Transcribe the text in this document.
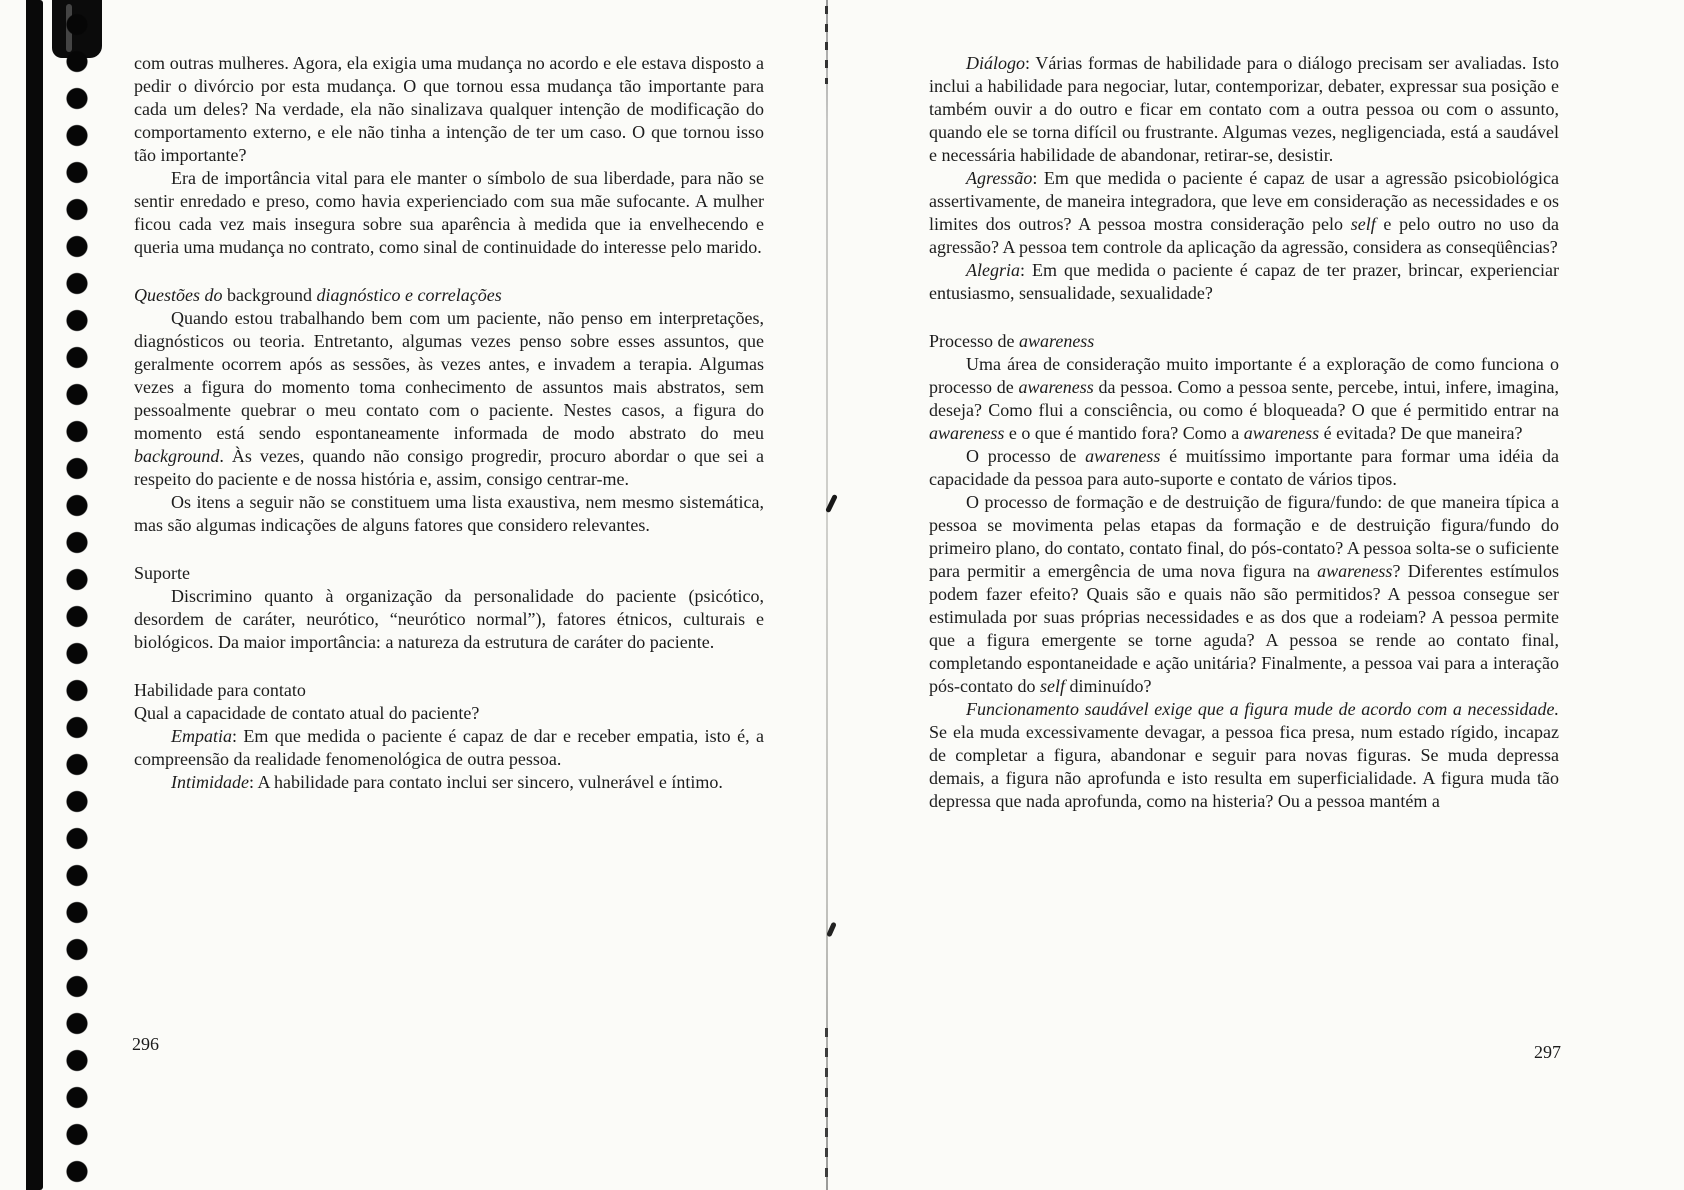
com outras mulheres. Agora, ela exigia uma mudança no acordo e ele estava disposto a pedir o divórcio por esta mudança. O que tornou essa mudança tão importante para cada um deles? Na verdade, ela não sinalizava qualquer intenção de modificação do comportamento externo, e ele não tinha a intenção de ter um caso. O que tornou isso tão importante?

Era de importância vital para ele manter o símbolo de sua liberdade, para não se sentir enredado e preso, como havia experienciado com sua mãe sufocante. A mulher ficou cada vez mais insegura sobre sua aparência à medida que ia envelhecendo e queria uma mudança no contrato, como sinal de continuidade do interesse pelo marido.

Questões do background diagnóstico e correlações

Quando estou trabalhando bem com um paciente, não penso em interpretações, diagnósticos ou teoria. Entretanto, algumas vezes penso sobre esses assuntos, que geralmente ocorrem após as sessões, às vezes antes, e invadem a terapia. Algumas vezes a figura do momento toma conhecimento de assuntos mais abstratos, sem pessoalmente quebrar o meu contato com o paciente. Nestes casos, a figura do momento está sendo espontaneamente informada de modo abstrato do meu background. Às vezes, quando não consigo progredir, procuro abordar o que sei a respeito do paciente e de nossa história e, assim, consigo centrar-me.

Os itens a seguir não se constituem uma lista exaustiva, nem mesmo sistemática, mas são algumas indicações de alguns fatores que considero relevantes.

Suporte

Discrimino quanto à organização da personalidade do paciente (psicótico, desordem de caráter, neurótico, “neurótico normal”), fatores étnicos, culturais e biológicos. Da maior importância: a natureza da estrutura de caráter do paciente.

Habilidade para contato

Qual a capacidade de contato atual do paciente?

Empatia: Em que medida o paciente é capaz de dar e receber empatia, isto é, a compreensão da realidade fenomenológica de outra pessoa.

Intimidade: A habilidade para contato inclui ser sincero, vulnerável e íntimo.

296

Diálogo: Várias formas de habilidade para o diálogo precisam ser avaliadas. Isto inclui a habilidade para negociar, lutar, contemporizar, debater, expressar sua posição e também ouvir a do outro e ficar em contato com a outra pessoa ou com o assunto, quando ele se torna difícil ou frustrante. Algumas vezes, negligenciada, está a saudável e necessária habilidade de abandonar, retirar-se, desistir.

Agressão: Em que medida o paciente é capaz de usar a agressão psicobiológica assertivamente, de maneira integradora, que leve em consideração as necessidades e os limites dos outros? A pessoa mostra consideração pelo self e pelo outro no uso da agressão? A pessoa tem controle da aplicação da agressão, considera as conseqüências?

Alegria: Em que medida o paciente é capaz de ter prazer, brincar, experienciar entusiasmo, sensualidade, sexualidade?

Processo de awareness

Uma área de consideração muito importante é a exploração de como funciona o processo de awareness da pessoa. Como a pessoa sente, percebe, intui, infere, imagina, deseja? Como flui a consciência, ou como é bloqueada? O que é permitido entrar na awareness e o que é mantido fora? Como a awareness é evitada? De que maneira?

O processo de awareness é muitíssimo importante para formar uma idéia da capacidade da pessoa para auto-suporte e contato de vários tipos.

O processo de formação e de destruição de figura/fundo: de que maneira típica a pessoa se movimenta pelas etapas da formação e de destruição figura/fundo do primeiro plano, do contato, contato final, do pós-contato? A pessoa solta-se o suficiente para permitir a emergência de uma nova figura na awareness? Diferentes estímulos podem fazer efeito? Quais são e quais não são permitidos? A pessoa consegue ser estimulada por suas próprias necessidades e as dos que a rodeiam? A pessoa permite que a figura emergente se torne aguda? A pessoa se rende ao contato final, completando espontaneidade e ação unitária? Finalmente, a pessoa vai para a interação pós-contato do self diminuído?

Funcionamento saudável exige que a figura mude de acordo com a necessidade. Se ela muda excessivamente devagar, a pessoa fica presa, num estado rígido, incapaz de completar a figura, abandonar e seguir para novas figuras. Se muda depressa demais, a figura não aprofunda e isto resulta em superficialidade. A figura muda tão depressa que nada aprofunda, como na histeria? Ou a pessoa mantém a

297
